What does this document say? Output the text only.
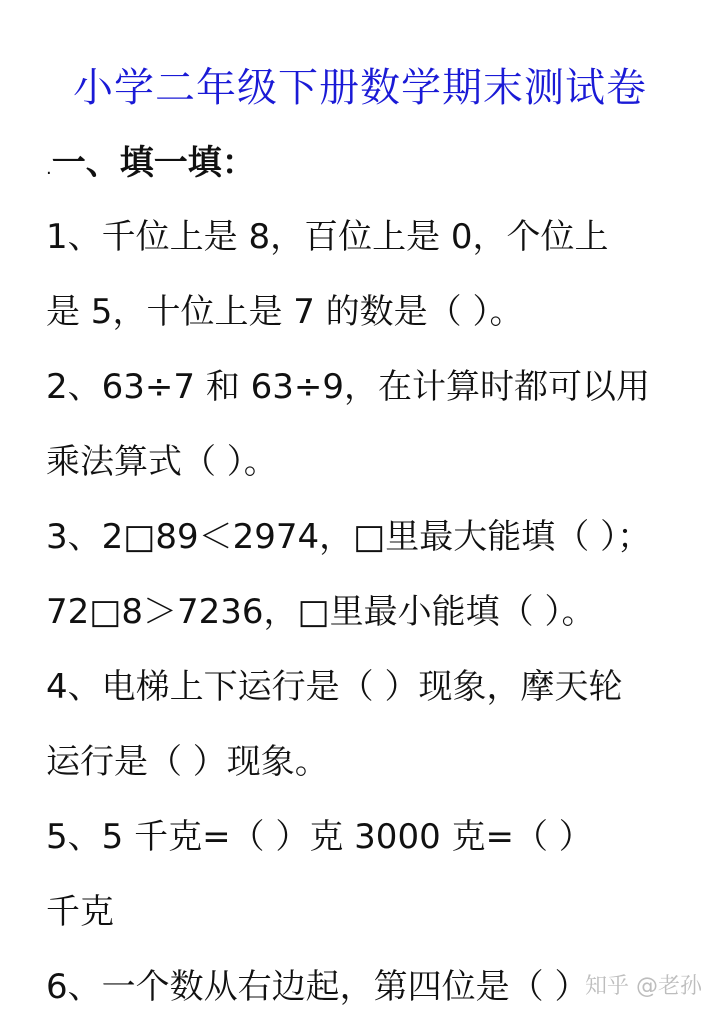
小学二年级下册数学期末测试卷
.一、填一填：
1、千位上是 8，百位上是 0，个位上
是 5，十位上是 7 的数是（ ）。
2、63÷7 和 63÷9，在计算时都可以用
乘法算式（ ）。
3、2□89＜2974，□里最大能填（ ）；
72□8＞7236，□里最小能填（ ）。
4、电梯上下运行是（ ）现象，摩天轮
运行是（ ）现象。
5、5 千克=（ ）克 3000 克=（ ）
千克
6、一个数从右边起，第四位是（ ）
知乎 @老孙
